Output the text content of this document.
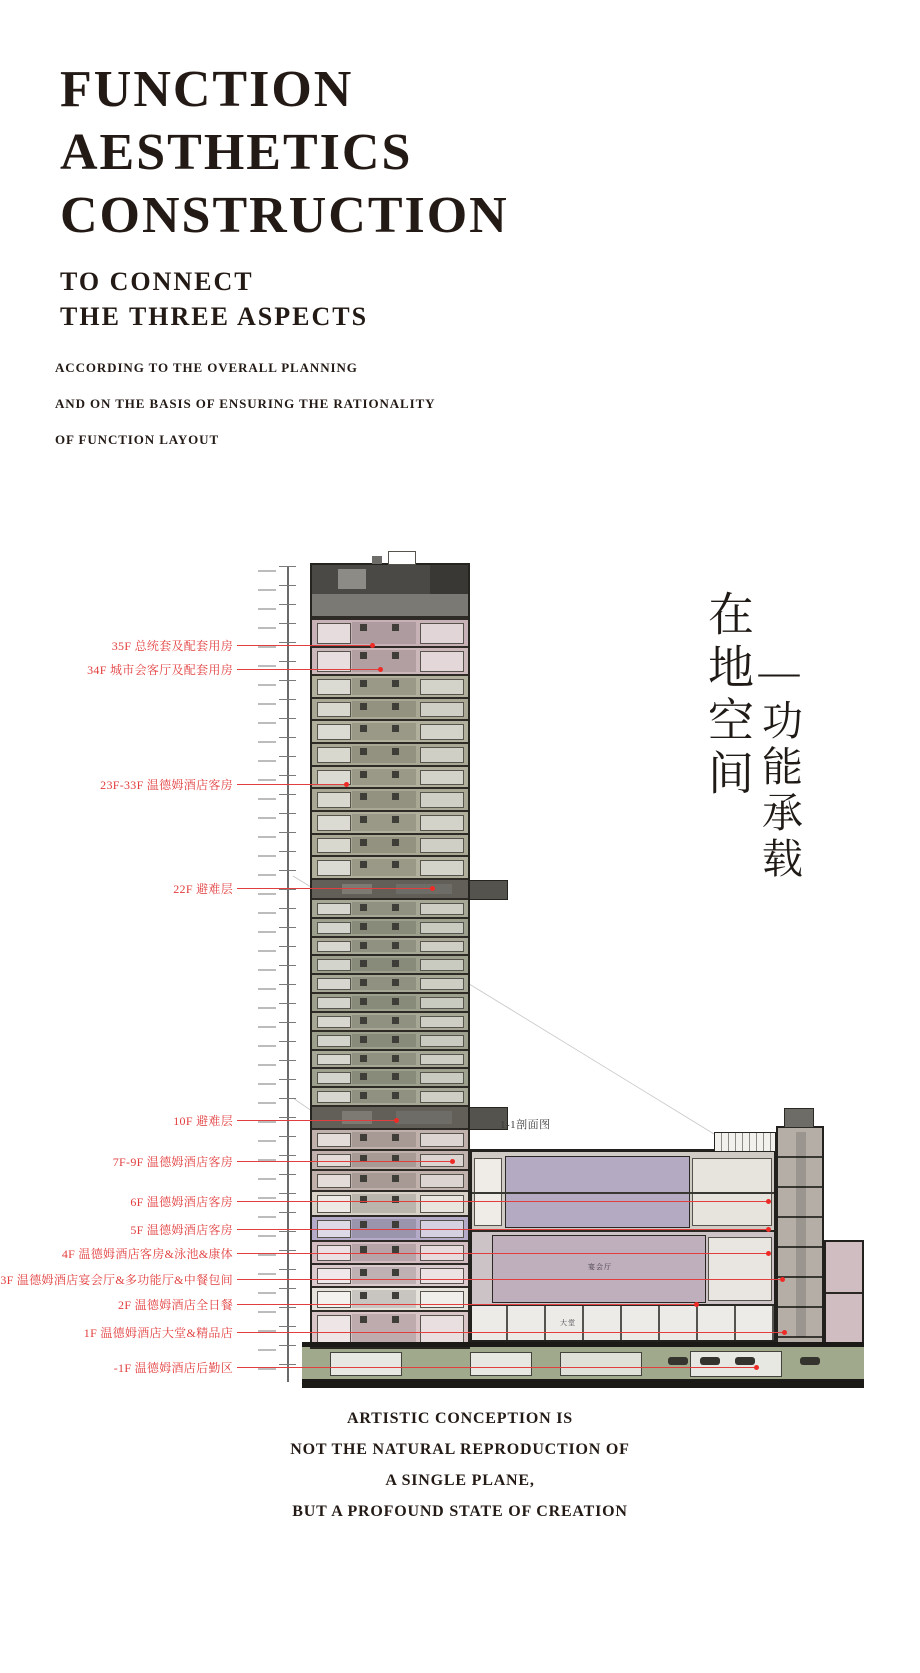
FUNCTION
AESTHETICS
CONSTRUCTION
TO CONNECT
THE THREE ASPECTS
ACCORDING TO THE OVERALL PLANNING
AND ON THE BASIS OF ENSURING THE RATIONALITY
OF FUNCTION LAYOUT
1-1剖面图
宴会厅
大堂
35F 总统套及配套用房
34F 城市会客厅及配套用房
23F-33F 温德姆酒店客房
22F 避难层
10F 避难层
7F-9F 温德姆酒店客房
6F 温德姆酒店客房
5F 温德姆酒店客房
4F 温德姆酒店客房&泳池&康体
3F 温德姆酒店宴会厅&多功能厅&中餐包间
2F 温德姆酒店全日餐
1F 温德姆酒店大堂&精品店
-1F 温德姆酒店后勤区
在地空间 —功能承载
ARTISTIC CONCEPTION IS
NOT THE NATURAL REPRODUCTION OF
A SINGLE PLANE,
BUT A PROFOUND STATE OF CREATION
